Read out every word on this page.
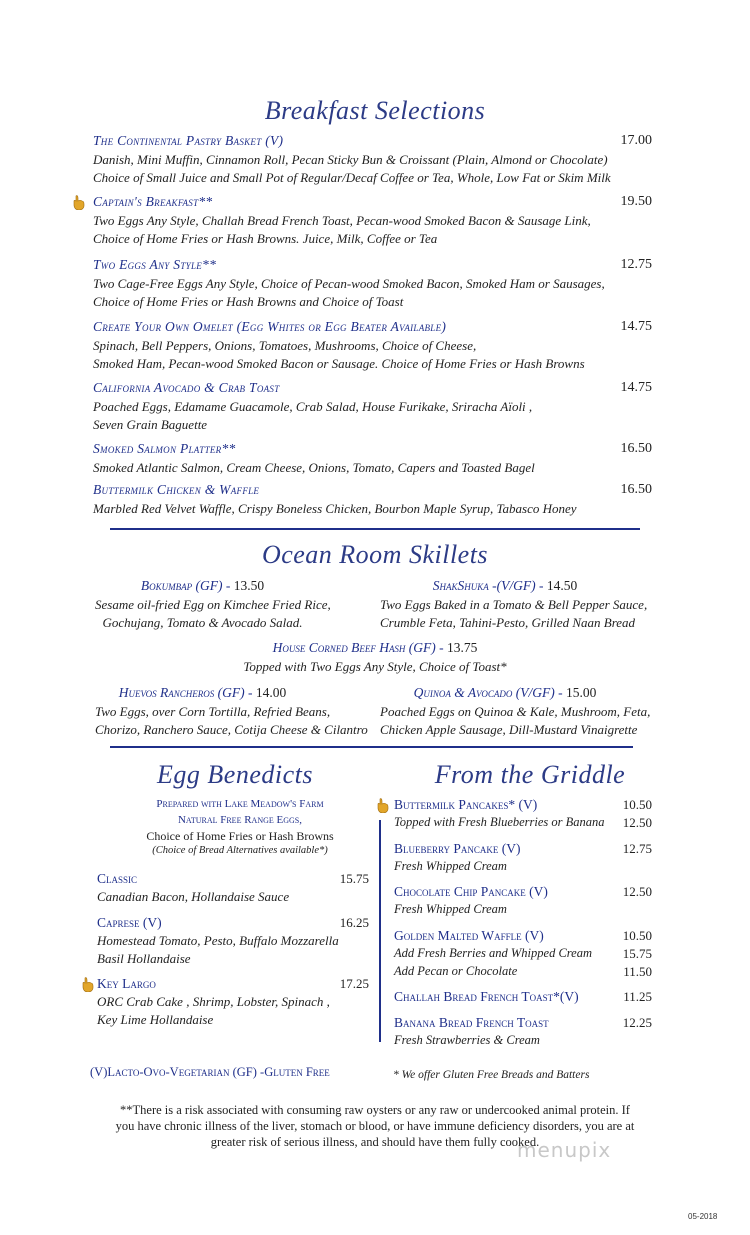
Breakfast Selections
The Continental Pastry Basket (V)	17.00
Danish, Mini Muffin, Cinnamon Roll, Pecan Sticky Bun & Croissant (Plain, Almond or Chocolate)
Choice of Small Juice and Small Pot of Regular/Decaf Coffee or Tea, Whole, Low Fat or Skim Milk
Captain's Breakfast**	19.50
Two Eggs Any Style, Challah Bread French Toast, Pecan-wood Smoked Bacon & Sausage Link,
Choice of Home Fries or Hash Browns. Juice, Milk, Coffee or Tea
Two Eggs Any Style**	12.75
Two Cage-Free Eggs Any Style, Choice of Pecan-wood Smoked Bacon, Smoked Ham or Sausages,
Choice of Home Fries or Hash Browns and Choice of Toast
Create Your Own Omelet (Egg Whites or Egg Beater Available)	14.75
Spinach, Bell Peppers, Onions, Tomatoes, Mushrooms, Choice of Cheese,
Smoked Ham, Pecan-wood Smoked Bacon or Sausage. Choice of Home Fries or Hash Browns
California Avocado & Crab Toast	14.75
Poached Eggs, Edamame Guacamole, Crab Salad, House Furikake, Sriracha Aïoli ,
Seven Grain Baguette
Smoked Salmon Platter**	16.50
Smoked Atlantic Salmon, Cream Cheese, Onions, Tomato, Capers and Toasted Bagel
Buttermilk Chicken & Waffle	16.50
Marbled Red Velvet Waffle, Crispy Boneless Chicken, Bourbon Maple Syrup, Tabasco Honey
Ocean Room Skillets
Bokumbap (GF) - 13.50
Sesame oil-fried Egg on Kimchee Fried Rice,
Gochujang, Tomato & Avocado Salad.
ShakShuka -(V/GF) - 14.50
Two Eggs Baked in a Tomato & Bell Pepper Sauce,
Crumble Feta, Tahini-Pesto, Grilled Naan Bread
House Corned Beef Hash (GF) - 13.75
Topped with Two Eggs Any Style, Choice of Toast*
Huevos Rancheros (GF) - 14.00
Two Eggs, over Corn Tortilla, Refried Beans,
Chorizo, Ranchero Sauce, Cotija Cheese & Cilantro
Quinoa & Avocado (V/GF) - 15.00
Poached Eggs on Quinoa & Kale, Mushroom, Feta,
Chicken Apple Sausage, Dill-Mustard Vinaigrette
Egg Benedicts
Prepared with Lake Meadow's Farm
Natural Free Range Eggs,
Choice of Home Fries or Hash Browns
(Choice of Bread Alternatives available*)
Classic	15.75
Canadian Bacon, Hollandaise Sauce
Caprese (V)	16.25
Homestead Tomato, Pesto, Buffalo Mozzarella
Basil Hollandaise
Key Largo	17.25
ORC Crab Cake , Shrimp, Lobster, Spinach ,
Key Lime Hollandaise
From the Griddle
Buttermilk Pancakes* (V)	10.50
Topped with Fresh Blueberries or Banana	12.50
Blueberry Pancake (V)	12.75
Fresh Whipped Cream
Chocolate Chip Pancake (V)	12.50
Fresh Whipped Cream
Golden Malted Waffle (V)	10.50
Add Fresh Berries and Whipped Cream	15.75
Add Pecan or Chocolate	11.50
Challah Bread French Toast*(V)	11.25
Banana Bread French Toast	12.25
Fresh Strawberries & Cream
(V)Lacto-Ovo-Vegetarian (GF) -Gluten Free	* We offer Gluten Free Breads and Batters
**There is a risk associated with consuming raw oysters or any raw or undercooked animal protein. If
you have chronic illness of the liver, stomach or blood, or have immune deficiency disorders, you are at
greater risk of serious illness, and should have them fully cooked.
menupix
05-2018
